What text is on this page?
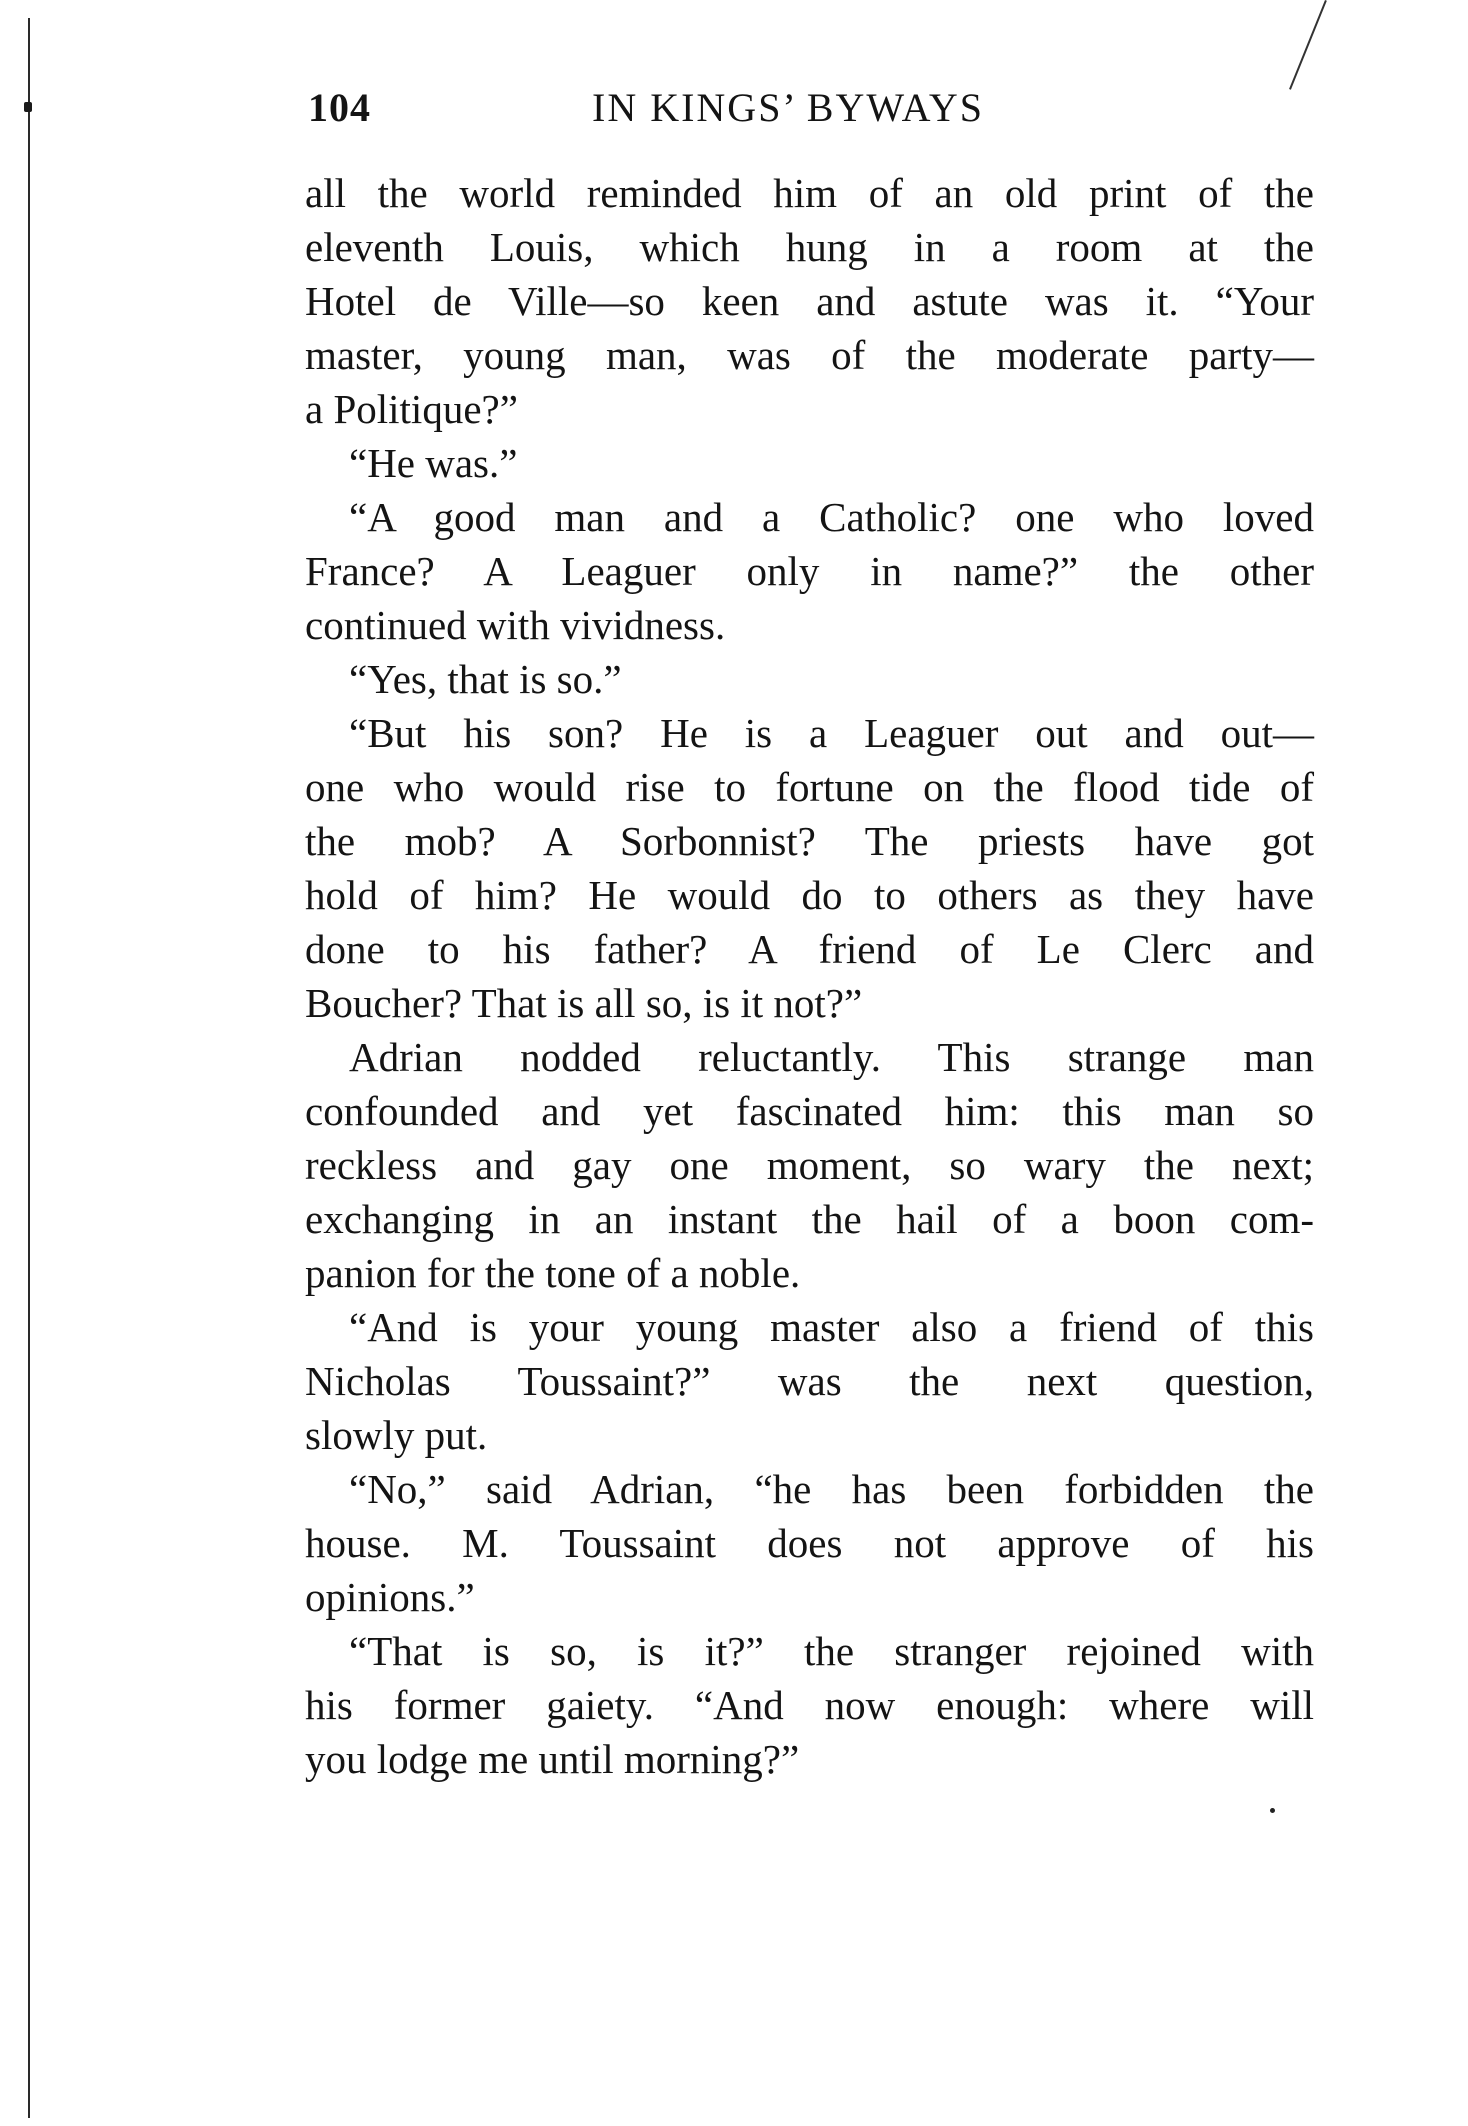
104	IN KINGS’ BYWAYS
all the world reminded him of an old print of the
eleventh Louis, which hung in a room at the
Hotel de Ville—so keen and astute was it. “Your
master, young man, was of the moderate party—
a Politique?”
“He was.”
“A good man and a Catholic? one who loved
France? A Leaguer only in name?” the other
continued with vividness.
“Yes, that is so.”
“But his son? He is a Leaguer out and out—
one who would rise to fortune on the flood tide of
the mob? A Sorbonnist? The priests have got
hold of him? He would do to others as they have
done to his father? A friend of Le Clerc and
Boucher? That is all so, is it not?”
Adrian nodded reluctantly. This strange man
confounded and yet fascinated him: this man so
reckless and gay one moment, so wary the next;
exchanging in an instant the hail of a boon com-
panion for the tone of a noble.
“And is your young master also a friend of this
Nicholas Toussaint?” was the next question,
slowly put.
“No,” said Adrian, “he has been forbidden the
house. M. Toussaint does not approve of his
opinions.”
“That is so, is it?” the stranger rejoined with
his former gaiety. “And now enough: where will
you lodge me until morning?”
